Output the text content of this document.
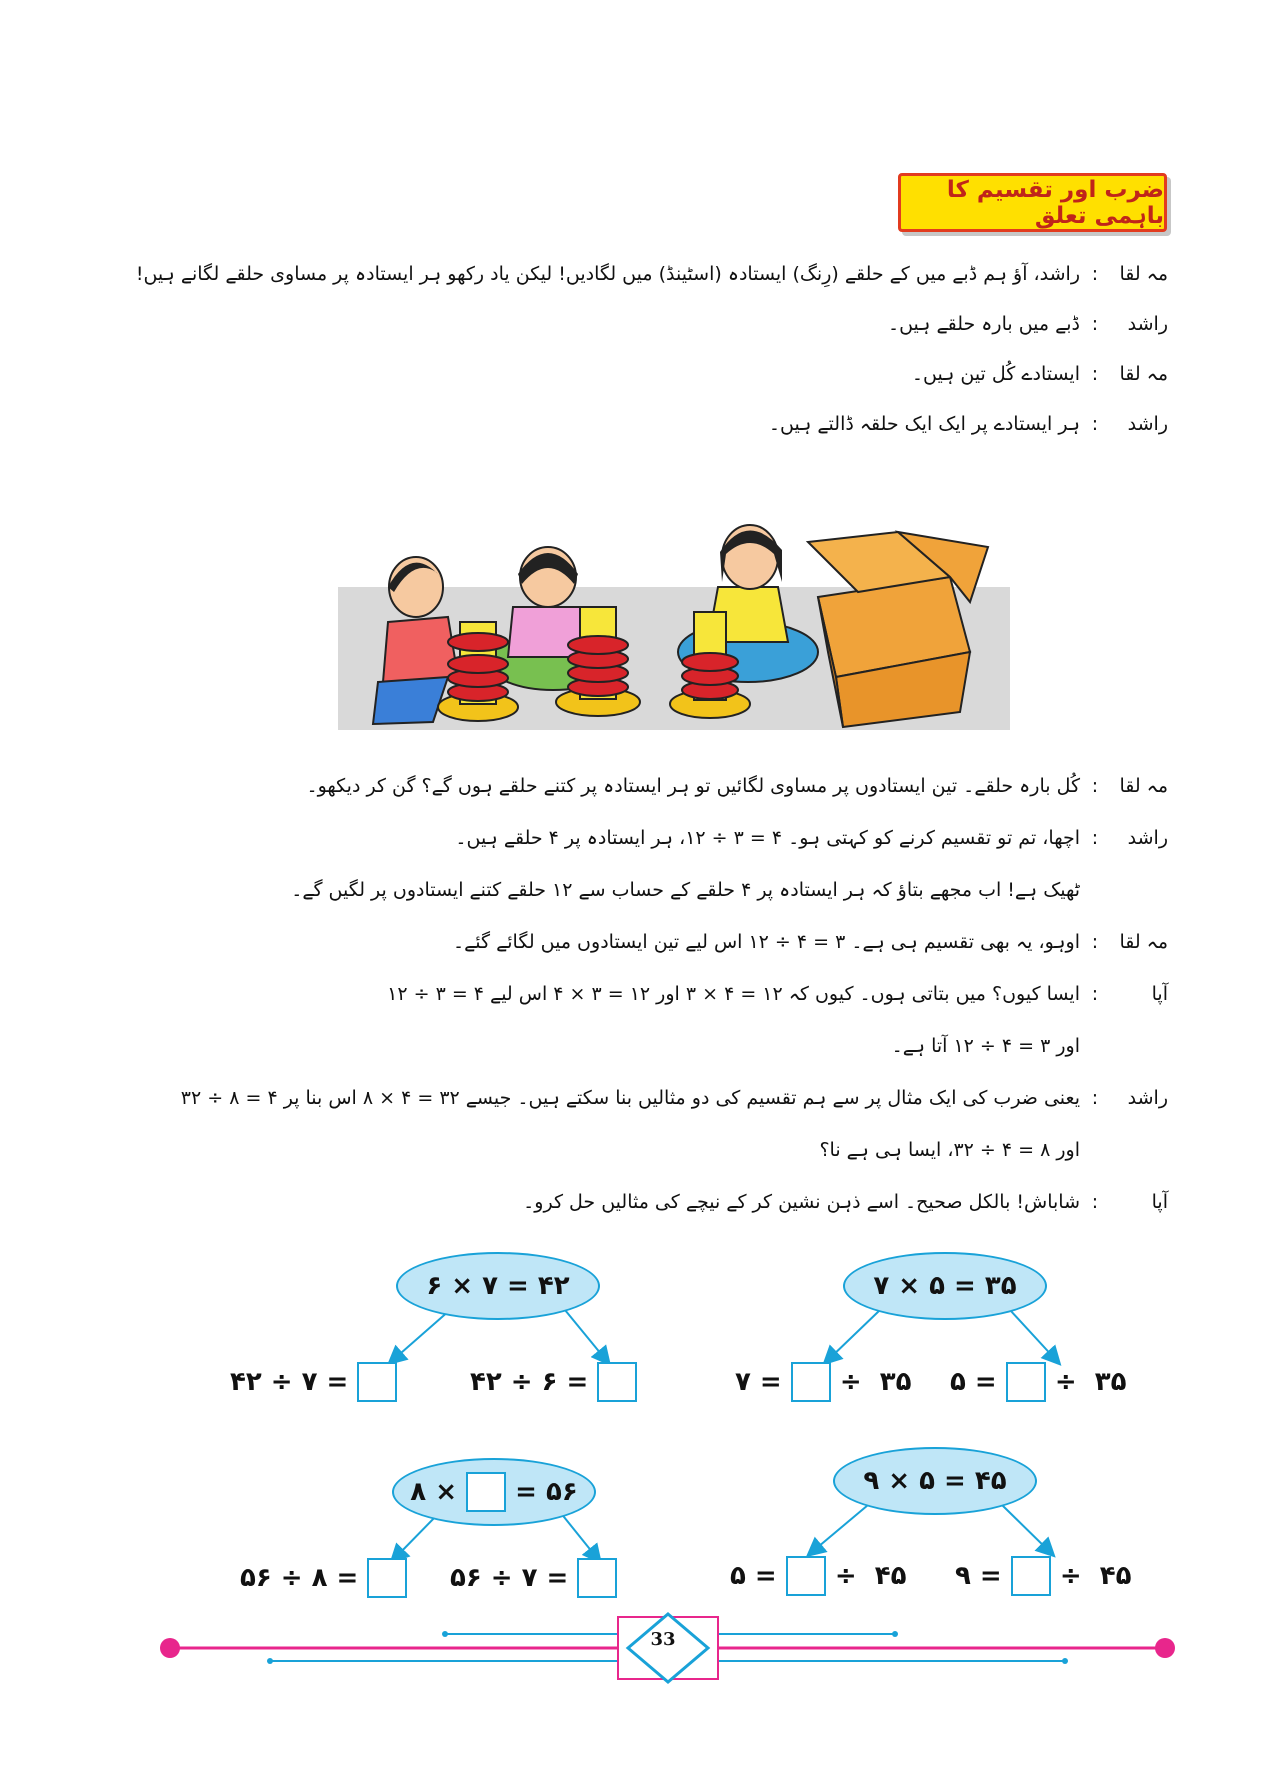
ضرب اور تقسیم کا باہمی تعلق
مہ لقا
:
راشد، آؤ ہم ڈبے میں کے حلقے (رِنگ) ایستادہ (اسٹینڈ) میں لگادیں! لیکن یاد رکھو ہر ایستادہ پر مساوی حلقے لگانے ہیں!
راشد
:
ڈبے میں بارہ حلقے ہیں۔
مہ لقا
:
ایستادے کُل تین ہیں۔
راشد
:
ہر ایستادے پر ایک ایک حلقہ ڈالتے ہیں۔
مہ لقا
:
کُل بارہ حلقے۔ تین ایستادوں پر مساوی لگائیں تو ہر ایستادہ پر کتنے حلقے ہوں گے؟ گن کر دیکھو۔
راشد
:
اچھا، تم تو تقسیم کرنے کو کہتی ہو۔ ۴ = ۳ ÷ ۱۲، ہر ایستادہ پر ۴ حلقے ہیں۔
ٹھیک ہے! اب مجھے بتاؤ کہ ہر ایستادہ پر ۴ حلقے کے حساب سے ۱۲ حلقے کتنے ایستادوں پر لگیں گے۔
مہ لقا
:
اوہو، یہ بھی تقسیم ہی ہے۔ ۳ = ۴ ÷ ۱۲ اس لیے تین ایستادوں میں لگائے گئے۔
آپا
:
ایسا کیوں؟ میں بتاتی ہوں۔ کیوں کہ ۱۲ = ۴ × ۳ اور ۱۲ = ۳ × ۴ اس لیے ۴ = ۳ ÷ ۱۲
اور ۳ = ۴ ÷ ۱۲ آتا ہے۔
راشد
:
یعنی ضرب کی ایک مثال پر سے ہم تقسیم کی دو مثالیں بنا سکتے ہیں۔ جیسے ۳۲ = ۴ × ۸ اس بنا پر ۴ = ۸ ÷ ۳۲
اور ۸ = ۴ ÷ ۳۲، ایسا ہی ہے نا؟
آپا
:
شاباش! بالکل صحیح۔ اسے ذہن نشین کر کے نیچے کی مثالیں حل کرو۔
۷ × ۵ = ۳۵
۳۵

÷

= ۷	۳۵

÷

= ۵
۶ × ۷ = ۴۲
۴۲ ÷ ۷ =
	۴۲ ÷ ۶ =

۹ × ۵ = ۴۵
۴۵

÷

= ۵	۴۵

÷

= ۹
۸ ×

= ۵۶
۵۶ ÷ ۸ =
	۵۶ ÷ ۷ =

33
